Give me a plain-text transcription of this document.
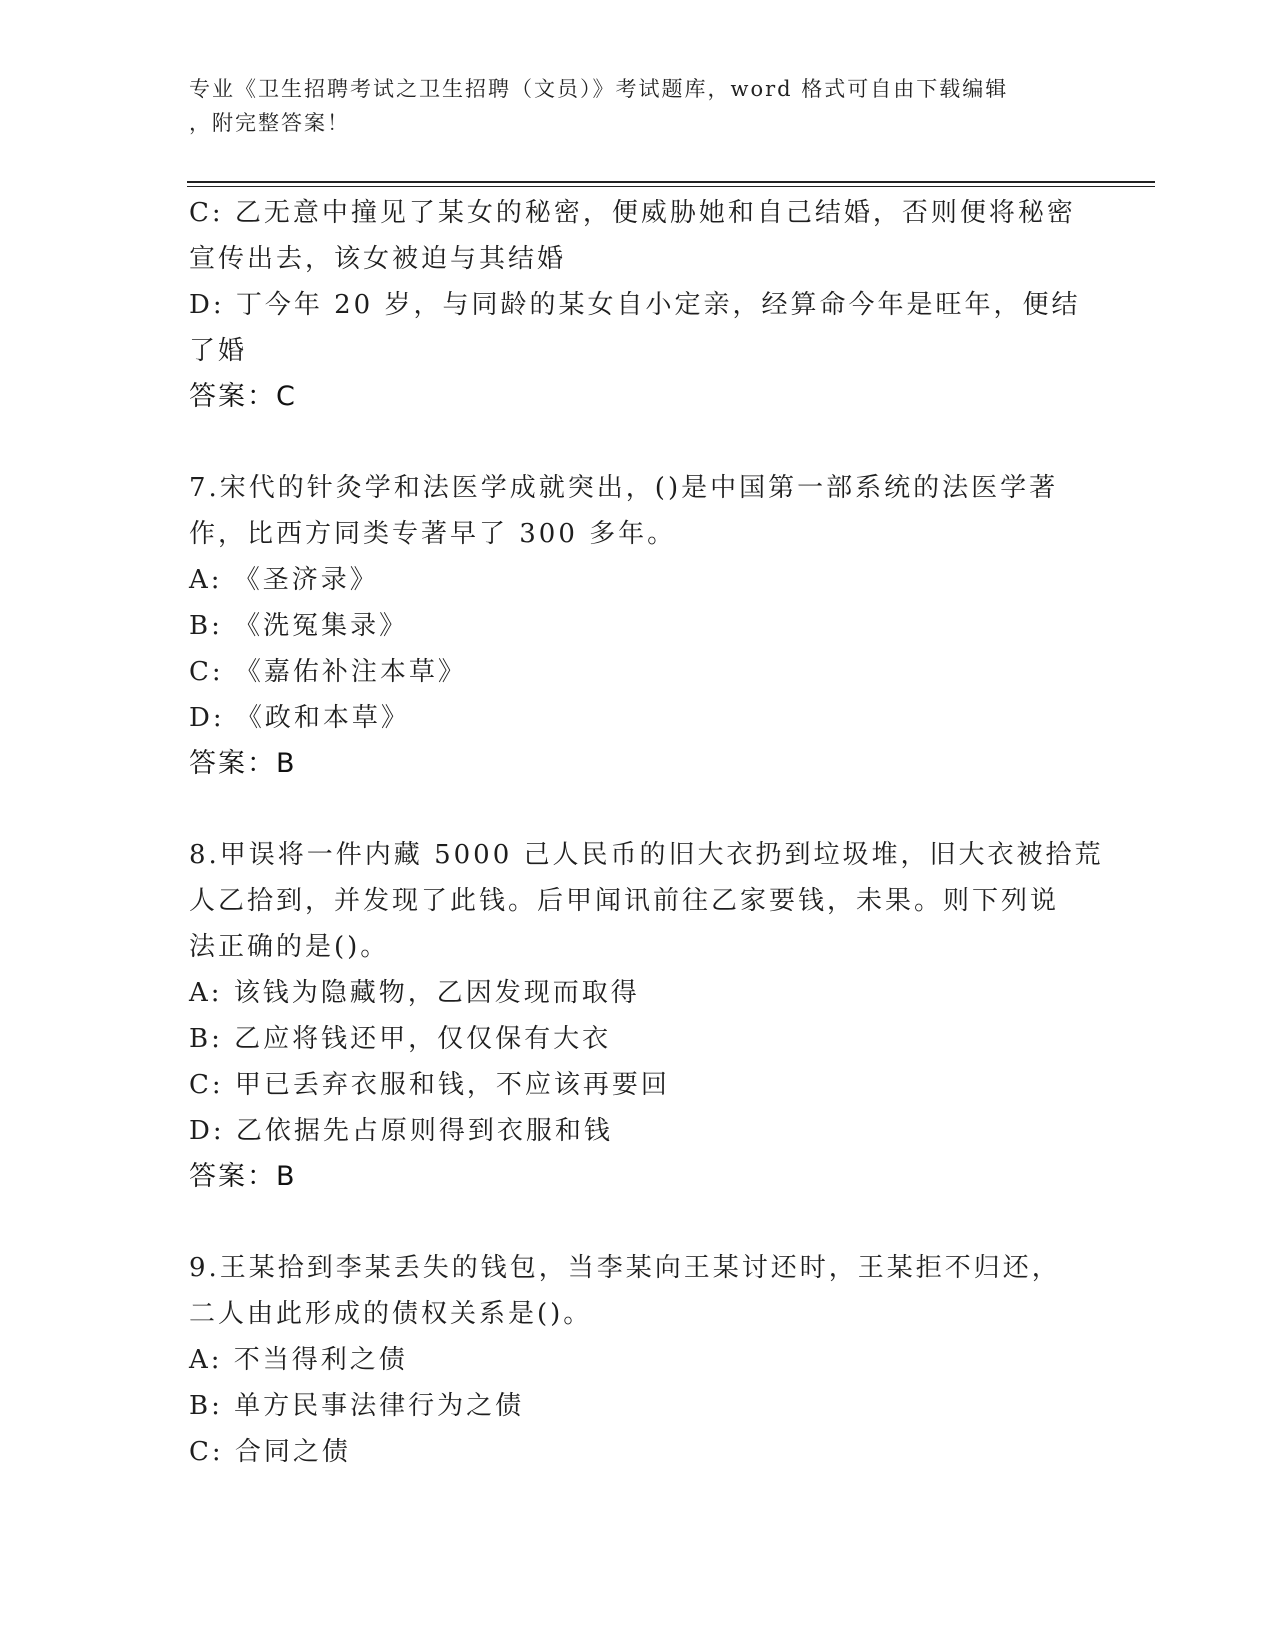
专业《卫生招聘考试之卫生招聘（文员）》考试题库，word 格式可自由下载编辑
，附完整答案！
C: 乙无意中撞见了某女的秘密，便威胁她和自己结婚，否则便将秘密
宣传出去，该女被迫与其结婚
D: 丁今年 20 岁，与同龄的某女自小定亲，经算命今年是旺年，便结
了婚
答案：C
7.宋代的针灸学和法医学成就突出，()是中国第一部系统的法医学著
作，比西方同类专著早了 300 多年。
A: 《圣济录》
B: 《洗冤集录》
C: 《嘉佑补注本草》
D: 《政和本草》
答案：B
8.甲误将一件内藏 5000 己人民币的旧大衣扔到垃圾堆，旧大衣被拾荒
人乙拾到，并发现了此钱。后甲闻讯前往乙家要钱，未果。则下列说
法正确的是()。
A: 该钱为隐藏物，乙因发现而取得
B: 乙应将钱还甲，仅仅保有大衣
C: 甲已丢弃衣服和钱，不应该再要回
D: 乙依据先占原则得到衣服和钱
答案：B
9.王某拾到李某丢失的钱包，当李某向王某讨还时，王某拒不归还，
二人由此形成的债权关系是()。
A: 不当得利之债
B: 单方民事法律行为之债
C: 合同之债
